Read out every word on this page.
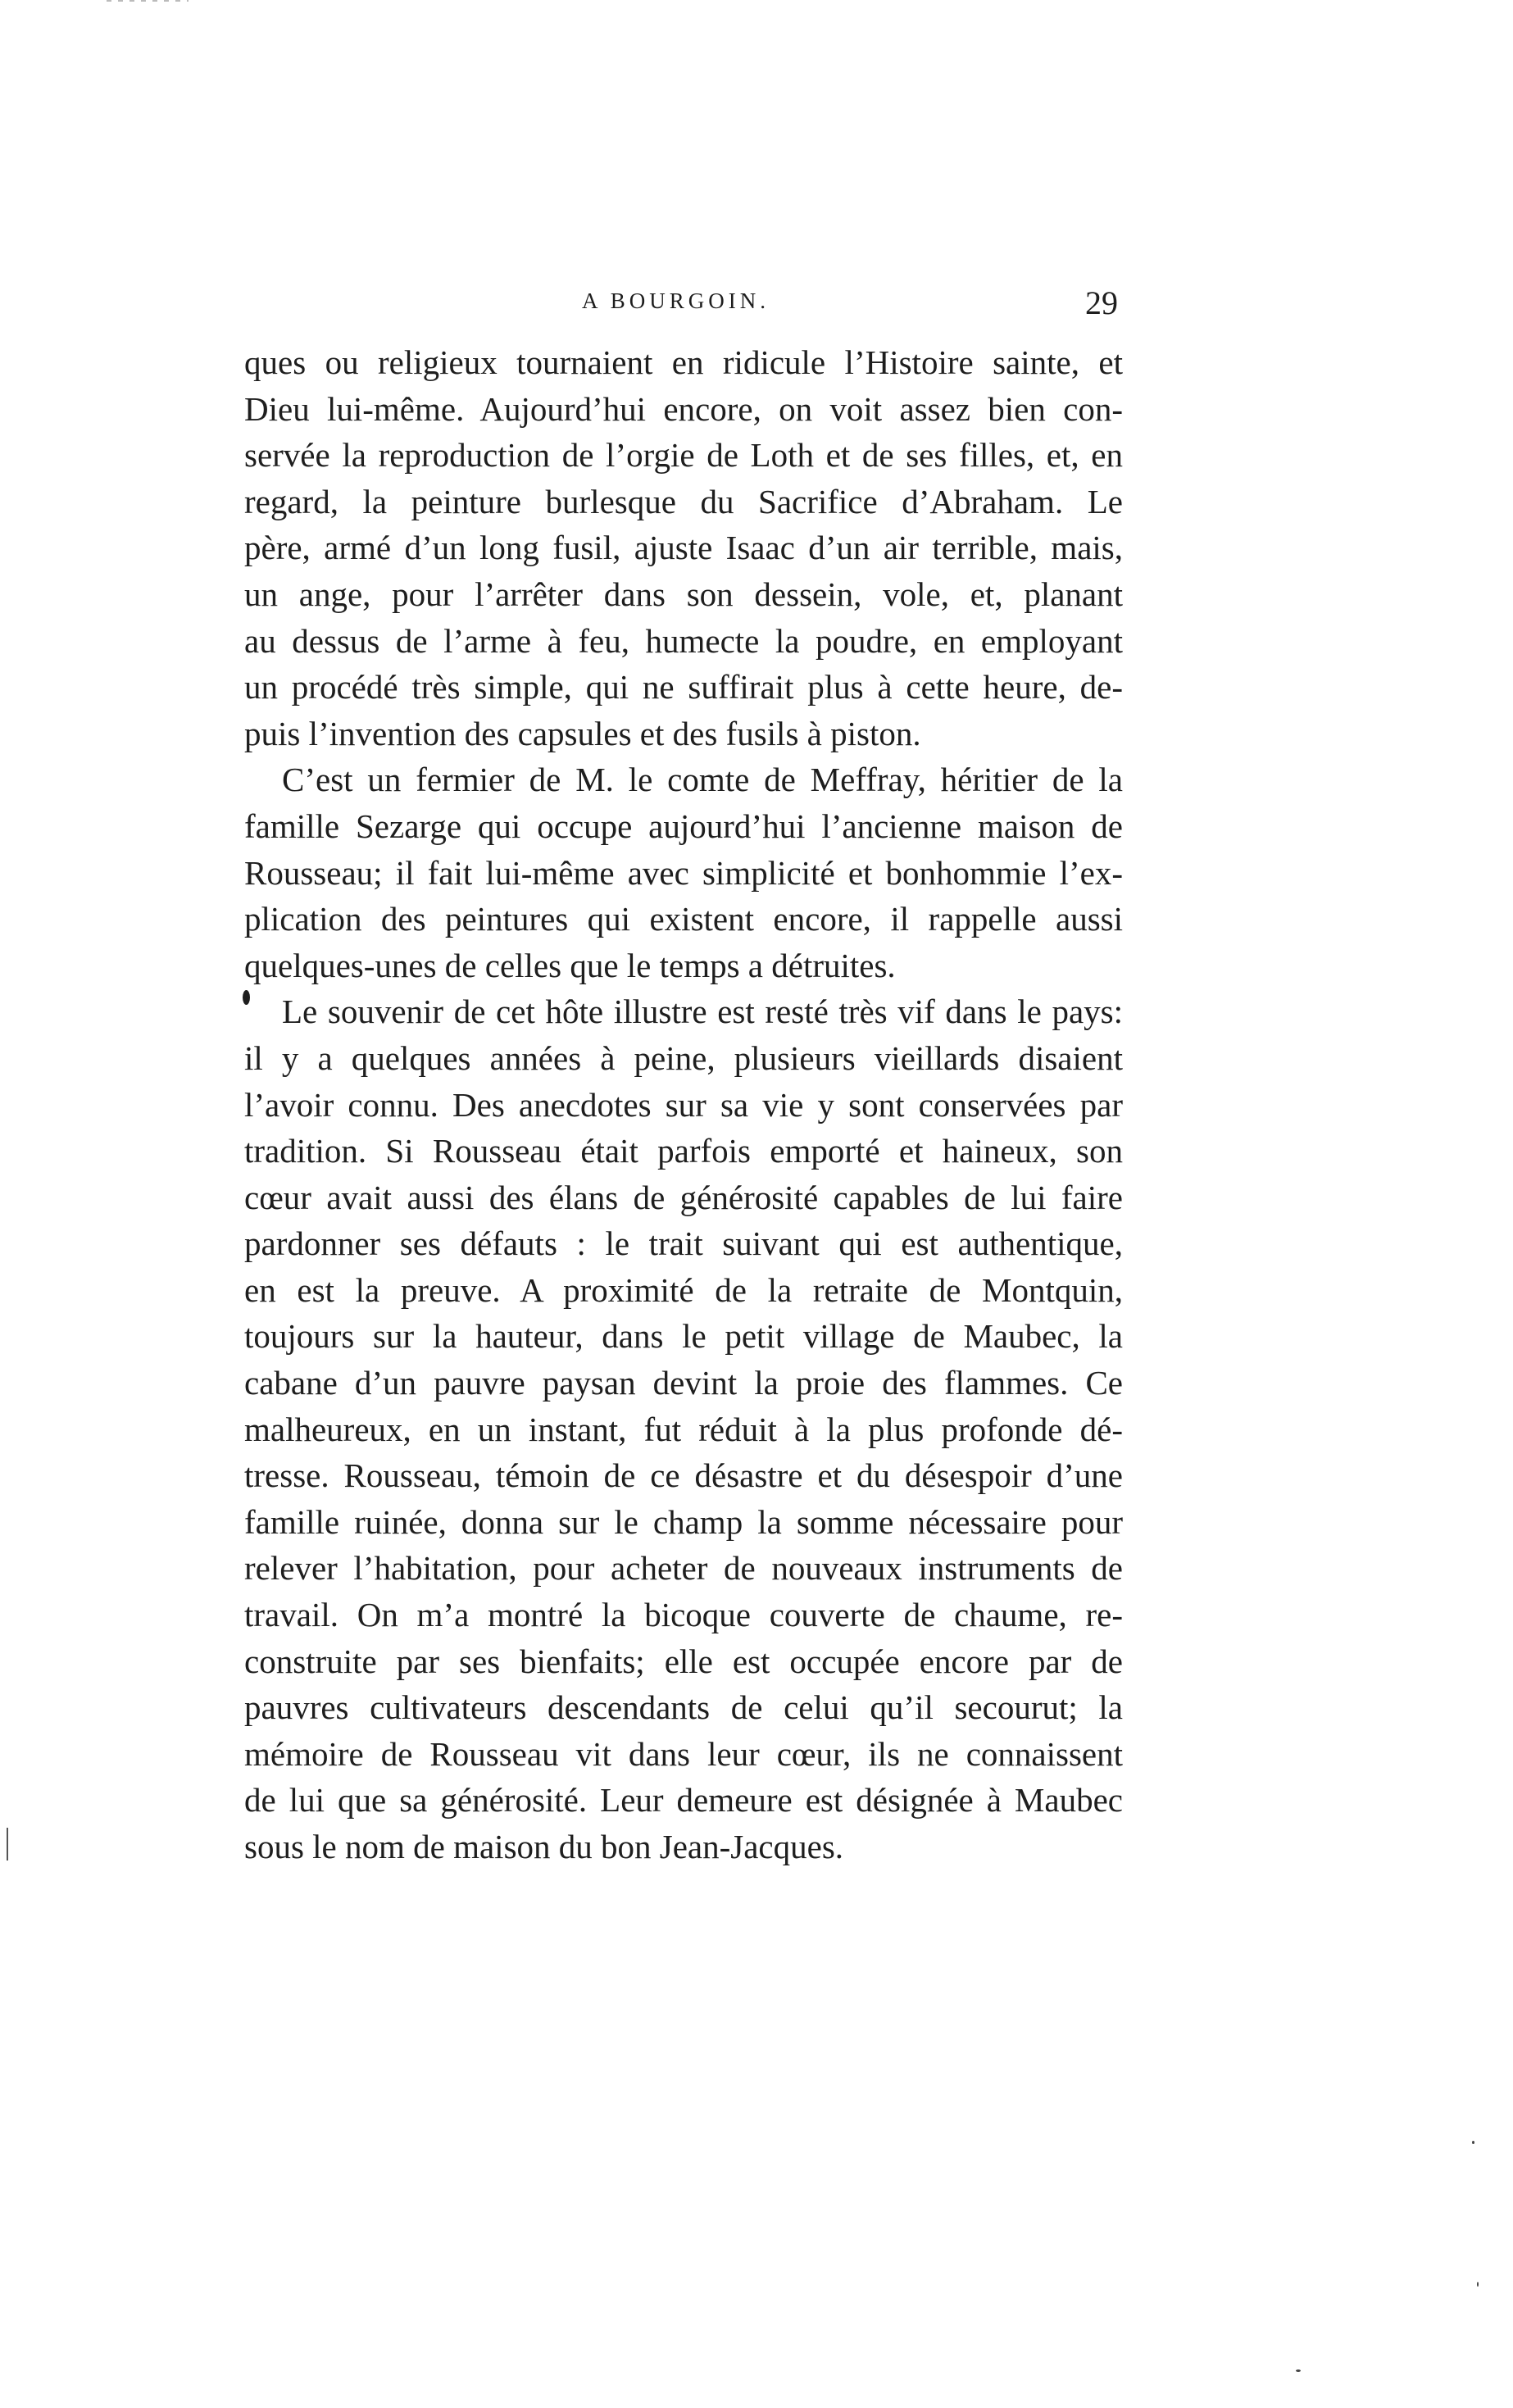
A BOURGOIN.	29
ques ou religieux tournaient en ridicule l’Histoire sainte, et
Dieu lui-même. Aujourd’hui encore, on voit assez bien con-
servée la reproduction de l’orgie de Loth et de ses filles, et, en
regard, la peinture burlesque du Sacrifice d’Abraham. Le
père, armé d’un long fusil, ajuste Isaac d’un air terrible, mais,
un ange, pour l’arrêter dans son dessein, vole, et, planant
au dessus de l’arme à feu, humecte la poudre, en employant
un procédé très simple, qui ne suffirait plus à cette heure, de-
puis l’invention des capsules et des fusils à piston.
C’est un fermier de M. le comte de Meffray, héritier de la
famille Sezarge qui occupe aujourd’hui l’ancienne maison de
Rousseau; il fait lui-même avec simplicité et bonhommie l’ex-
plication des peintures qui existent encore, il rappelle aussi
quelques-unes de celles que le temps a détruites.
Le souvenir de cet hôte illustre est resté très vif dans le pays:
il y a quelques années à peine, plusieurs vieillards disaient
l’avoir connu. Des anecdotes sur sa vie y sont conservées par
tradition. Si Rousseau était parfois emporté et haineux, son
cœur avait aussi des élans de générosité capables de lui faire
pardonner ses défauts : le trait suivant qui est authentique,
en est la preuve. A proximité de la retraite de Montquin,
toujours sur la hauteur, dans le petit village de Maubec, la
cabane d’un pauvre paysan devint la proie des flammes. Ce
malheureux, en un instant, fut réduit à la plus profonde dé-
tresse. Rousseau, témoin de ce désastre et du désespoir d’une
famille ruinée, donna sur le champ la somme nécessaire pour
relever l’habitation, pour acheter de nouveaux instruments de
travail. On m’a montré la bicoque couverte de chaume, re-
construite par ses bienfaits; elle est occupée encore par de
pauvres cultivateurs descendants de celui qu’il secourut; la
mémoire de Rousseau vit dans leur cœur, ils ne connaissent
de lui que sa générosité. Leur demeure est désignée à Maubec
sous le nom de maison du bon Jean-Jacques.
